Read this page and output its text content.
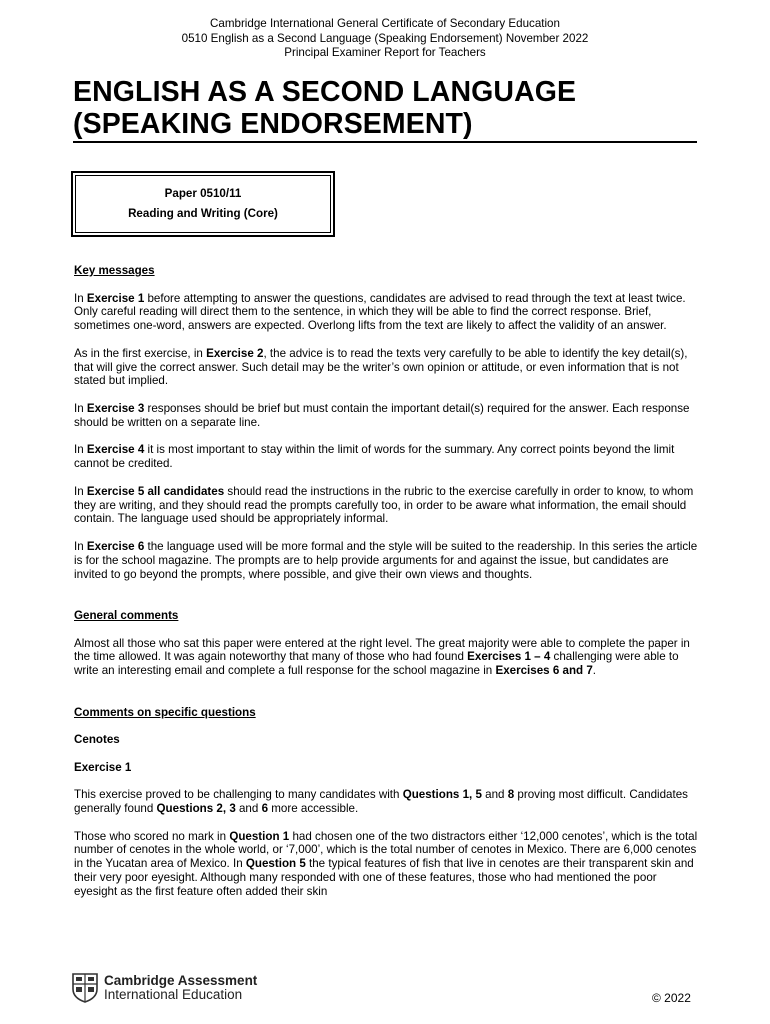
Cambridge International General Certificate of Secondary Education
0510 English as a Second Language (Speaking Endorsement) November 2022
Principal Examiner Report for Teachers
ENGLISH AS A SECOND LANGUAGE
(SPEAKING ENDORSEMENT)
Paper 0510/11
Reading and Writing (Core)
Key messages

In Exercise 1 before attempting to answer the questions, candidates are advised to read through the text at least twice. Only careful reading will direct them to the sentence, in which they will be able to find the correct response. Brief, sometimes one-word, answers are expected. Overlong lifts from the text are likely to affect the validity of an answer.

As in the first exercise, in Exercise 2, the advice is to read the texts very carefully to be able to identify the key detail(s), that will give the correct answer. Such detail may be the writer’s own opinion or attitude, or even information that is not stated but implied.

In Exercise 3 responses should be brief but must contain the important detail(s) required for the answer. Each response should be written on a separate line.

In Exercise 4 it is most important to stay within the limit of words for the summary. Any correct points beyond the limit cannot be credited.

In Exercise 5 all candidates should read the instructions in the rubric to the exercise carefully in order to know, to whom they are writing, and they should read the prompts carefully too, in order to be aware what information, the email should contain. The language used should be appropriately informal.

In Exercise 6 the language used will be more formal and the style will be suited to the readership. In this series the article is for the school magazine. The prompts are to help provide arguments for and against the issue, but candidates are invited to go beyond the prompts, where possible, and give their own views and thoughts.

General comments

Almost all those who sat this paper were entered at the right level. The great majority were able to complete the paper in the time allowed. It was again noteworthy that many of those who had found Exercises 1 – 4 challenging were able to write an interesting email and complete a full response for the school magazine in Exercises 6 and 7.

Comments on specific questions
Cenotes
Exercise 1

This exercise proved to be challenging to many candidates with Questions 1, 5 and 8 proving most difficult. Candidates generally found Questions 2, 3 and 6 more accessible.

Those who scored no mark in Question 1 had chosen one of the two distractors either ‘12,000 cenotes’, which is the total number of cenotes in the whole world, or ‘7,000’, which is the total number of cenotes in Mexico. There are 6,000 cenotes in the Yucatan area of Mexico. In Question 5 the typical features of fish that live in cenotes are their transparent skin and their very poor eyesight. Although many responded with one of these features, those who had mentioned the poor eyesight as the first feature often added their skin

Cambridge Assessment
International Education	© 2022
